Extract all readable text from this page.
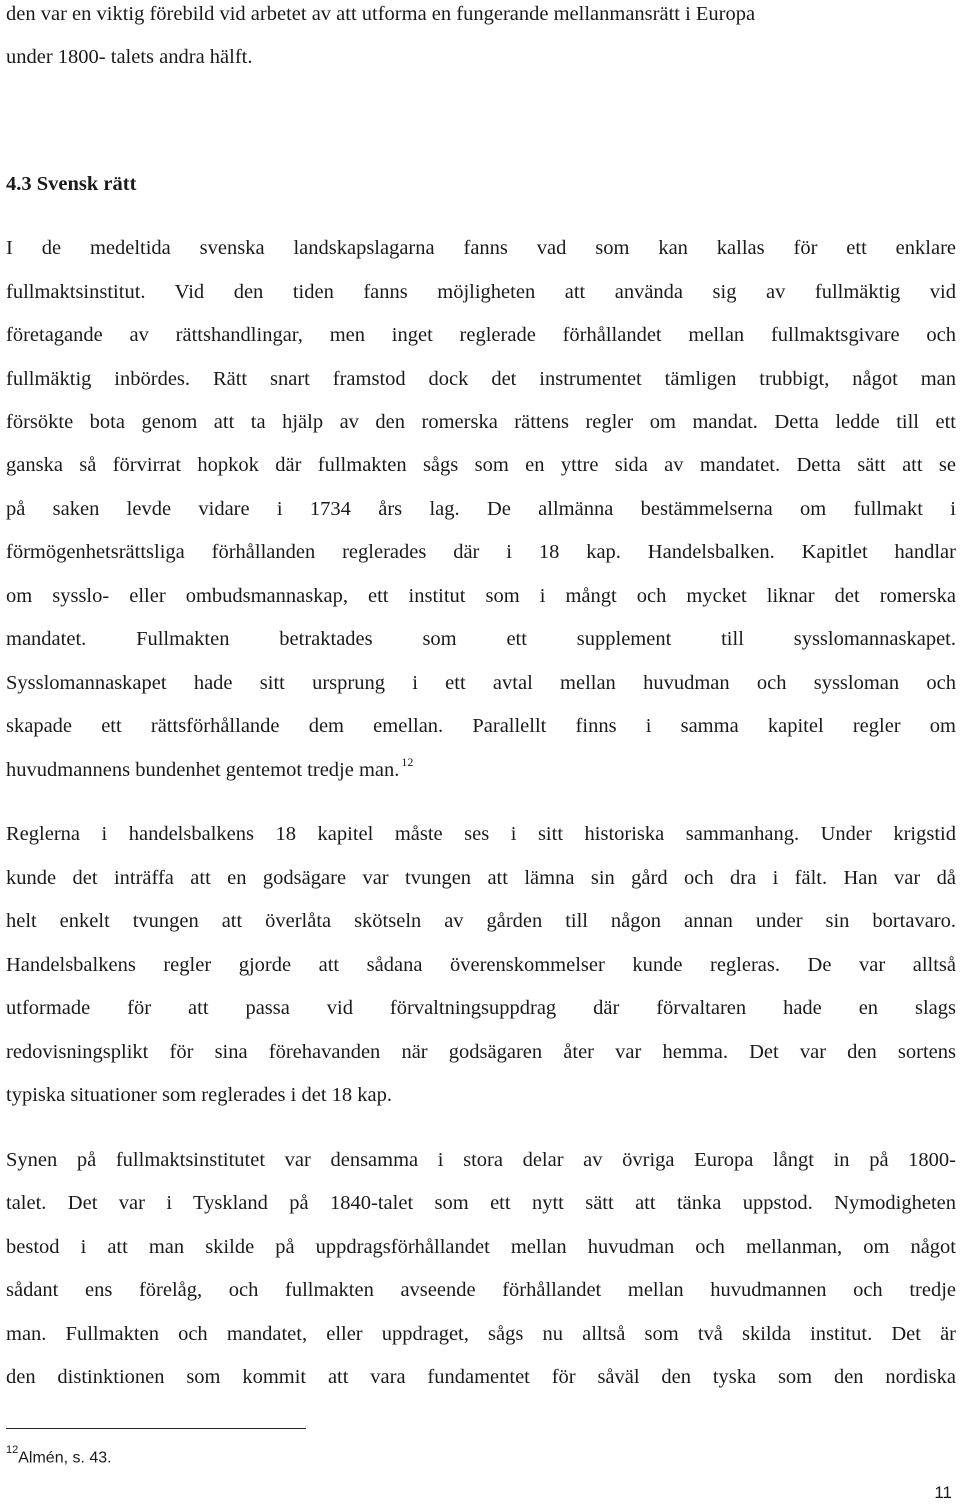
den var en viktig förebild vid arbetet av att utforma en fungerande mellanmansrätt i Europa
under 1800- talets andra hälft.
4.3 Svensk rätt
I de medeltida svenska landskapslagarna fanns vad som kan kallas för ett enklare
fullmaktsinstitut. Vid den tiden fanns möjligheten att använda sig av fullmäktig vid
företagande av rättshandlingar, men inget reglerade förhållandet mellan fullmaktsgivare och
fullmäktig inbördes. Rätt snart framstod dock det instrumentet tämligen trubbigt, något man
försökte bota genom att ta hjälp av den romerska rättens regler om mandat. Detta ledde till ett
ganska så förvirrat hopkok där fullmakten sågs som en yttre sida av mandatet. Detta sätt att se
på saken levde vidare i 1734 års lag. De allmänna bestämmelserna om fullmakt i
förmögenhetsrättsliga förhållanden reglerades där i 18 kap. Handelsbalken. Kapitlet handlar
om sysslo- eller ombudsmannaskap, ett institut som i mångt och mycket liknar det romerska
mandatet. Fullmakten betraktades som ett supplement till sysslomannaskapet.
Sysslomannaskapet hade sitt ursprung i ett avtal mellan huvudman och syssloman och
skapade ett rättsförhållande dem emellan. Parallellt finns i samma kapitel regler om
huvudmannens bundenhet gentemot tredje man. $^{12}$
Reglerna i handelsbalkens 18 kapitel måste ses i sitt historiska sammanhang. Under krigstid
kunde det inträffa att en godsägare var tvungen att lämna sin gård och dra i fält. Han var då
helt enkelt tvungen att överlåta skötseln av gården till någon annan under sin bortavaro.
Handelsbalkens regler gjorde att sådana överenskommelser kunde regleras. De var alltså
utformade för att passa vid förvaltningsuppdrag där förvaltaren hade en slags
redovisningsplikt för sina förehavanden när godsägaren åter var hemma. Det var den sortens
typiska situationer som reglerades i det 18 kap.
Synen på fullmaktsinstitutet var densamma i stora delar av övriga Europa långt in på 1800-
talet. Det var i Tyskland på 1840-talet som ett nytt sätt att tänka uppstod. Nymodigheten
bestod i att man skilde på uppdragsförhållandet mellan huvudman och mellanman, om något
sådant ens förelåg, och fullmakten avseende förhållandet mellan huvudmannen och tredje
man. Fullmakten och mandatet, eller uppdraget, sågs nu alltså som två skilda institut. Det är
den distinktionen som kommit att vara fundamentet för såväl den tyska som den nordiska
$^{12}$Almén, s. 43.
11
